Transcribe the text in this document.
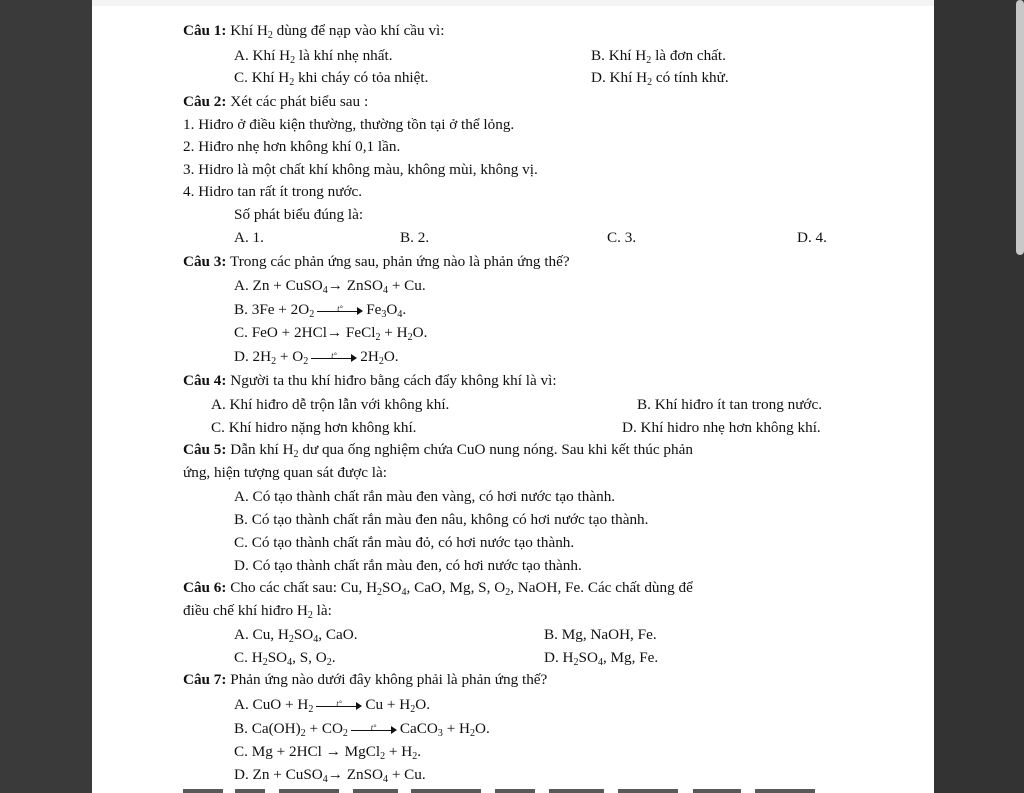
Câu 1: Khí $H_2$ dùng để nạp vào khí cầu vì:
A. Khí $H_2$ là khí nhẹ nhất.	B. Khí $H_2$ là đơn chất.
C. Khí $H_2$ khi cháy có tỏa nhiệt.	D. Khí $H_2$ có tính khử.
Câu 2: Xét các phát biểu sau :
1. Hiđro ở điều kiện thường, thường tồn tại ở thể lỏng.
2. Hiđro nhẹ hơn không khí 0,1 lần.
3. Hidro là một chất khí không màu, không mùi, không vị.
4. Hidro tan rất ít trong nước.
Số phát biểu đúng là:
A. 1.	B. 2.	C. 3.	D. 4.
Câu 3: Trong các phản ứng sau, phản ứng nào là phản ứng thế?
A. Zn + CuSO$_4$→ ZnSO$_4$ + Cu.
B. $3Fe + 2O_2$
t° $Fe_3O_4$.
C. FeO + 2HCl→ FeCl$_2$ + $H_2O$.
D. $2H_2 + O_2$
t° $2H_2O$.
Câu 4: Người ta thu khí hiđro bằng cách đẩy không khí là vì:
A. Khí hiđro dễ trộn lẫn với không khí.	B. Khí hiđro ít tan trong nước.
C. Khí hidro nặng hơn không khí.	D. Khí hidro nhẹ hơn không khí.
Câu 5: Dẫn khí $H_2$ dư qua ống nghiệm chứa CuO nung nóng. Sau khi kết thúc phản
ứng, hiện tượng quan sát được là:
A. Có tạo thành chất rắn màu đen vàng, có hơi nước tạo thành.
B. Có tạo thành chất rắn màu đen nâu, không có hơi nước tạo thành.
C. Có tạo thành chất rắn màu đỏ, có hơi nước tạo thành.
D. Có tạo thành chất rắn màu đen, có hơi nước tạo thành.
Câu 6: Cho các chất sau: Cu, $H_2SO_4$, CaO, Mg, S, $O_2$, NaOH, Fe. Các chất dùng để
điều chế khí hiđro $H_2$ là:
A. Cu, $H_2SO_4$, CaO.	B. Mg, NaOH, Fe.
C. $H_2SO_4$, S, $O_2$.	D. $H_2SO_4$, Mg, Fe.
Câu 7: Phản ứng nào dưới đây không phải là phản ứng thế?
A. CuO + $H_2$
t° $Cu + H_2O$.
B. $Ca(OH)_2 + CO_2$
t° CaCO$_3$ + $H_2O$.
C. Mg + 2HCl → MgCl$_2$ + $H_2$.
D. Zn + CuSO$_4$→ ZnSO$_4$ + Cu.
